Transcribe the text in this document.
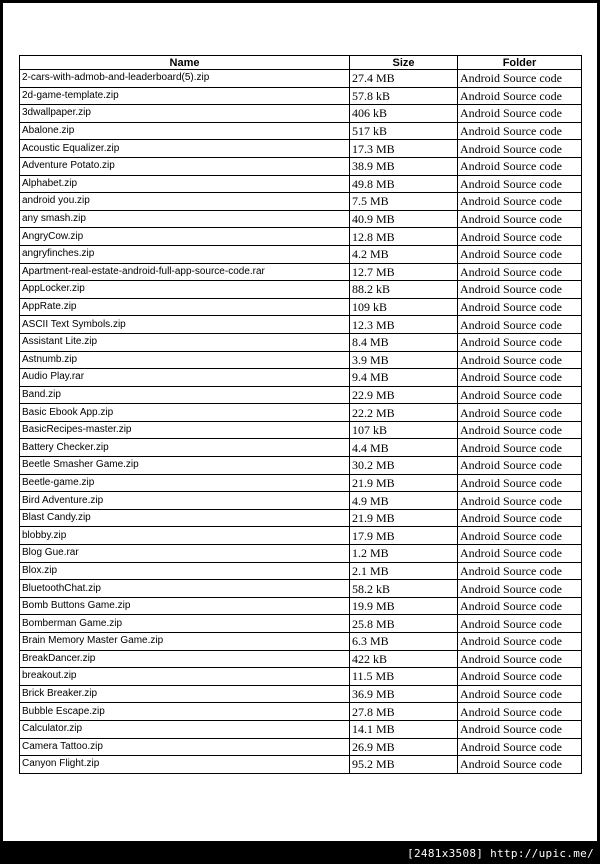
Name	Size	Folder
2-cars-with-admob-and-leaderboard(5).zip	27.4 MB	Android Source code
2d-game-template.zip	57.8 kB	Android Source code
3dwallpaper.zip	406 kB	Android Source code
Abalone.zip	517 kB	Android Source code
Acoustic Equalizer.zip	17.3 MB	Android Source code
Adventure Potato.zip	38.9 MB	Android Source code
Alphabet.zip	49.8 MB	Android Source code
android you.zip	7.5 MB	Android Source code
any smash.zip	40.9 MB	Android Source code
AngryCow.zip	12.8 MB	Android Source code
angryfinches.zip	4.2 MB	Android Source code
Apartment-real-estate-android-full-app-source-code.rar	12.7 MB	Android Source code
AppLocker.zip	88.2 kB	Android Source code
AppRate.zip	109 kB	Android Source code
ASCII Text Symbols.zip	12.3 MB	Android Source code
Assistant Lite.zip	8.4 MB	Android Source code
Astnumb.zip	3.9 MB	Android Source code
Audio Play.rar	9.4 MB	Android Source code
Band.zip	22.9 MB	Android Source code
Basic Ebook App.zip	22.2 MB	Android Source code
BasicRecipes-master.zip	107 kB	Android Source code
Battery Checker.zip	4.4 MB	Android Source code
Beetle Smasher Game.zip	30.2 MB	Android Source code
Beetle-game.zip	21.9 MB	Android Source code
Bird Adventure.zip	4.9 MB	Android Source code
Blast Candy.zip	21.9 MB	Android Source code
blobby.zip	17.9 MB	Android Source code
Blog Gue.rar	1.2 MB	Android Source code
Blox.zip	2.1 MB	Android Source code
BluetoothChat.zip	58.2 kB	Android Source code
Bomb Buttons Game.zip	19.9 MB	Android Source code
Bomberman Game.zip	25.8 MB	Android Source code
Brain Memory Master Game.zip	6.3 MB	Android Source code
BreakDancer.zip	422 kB	Android Source code
breakout.zip	11.5 MB	Android Source code
Brick Breaker.zip	36.9 MB	Android Source code
Bubble Escape.zip	27.8 MB	Android Source code
Calculator.zip	14.1 MB	Android Source code
Camera Tattoo.zip	26.9 MB	Android Source code
Canyon Flight.zip	95.2 MB	Android Source code
[2481x3508] http://upic.me/
